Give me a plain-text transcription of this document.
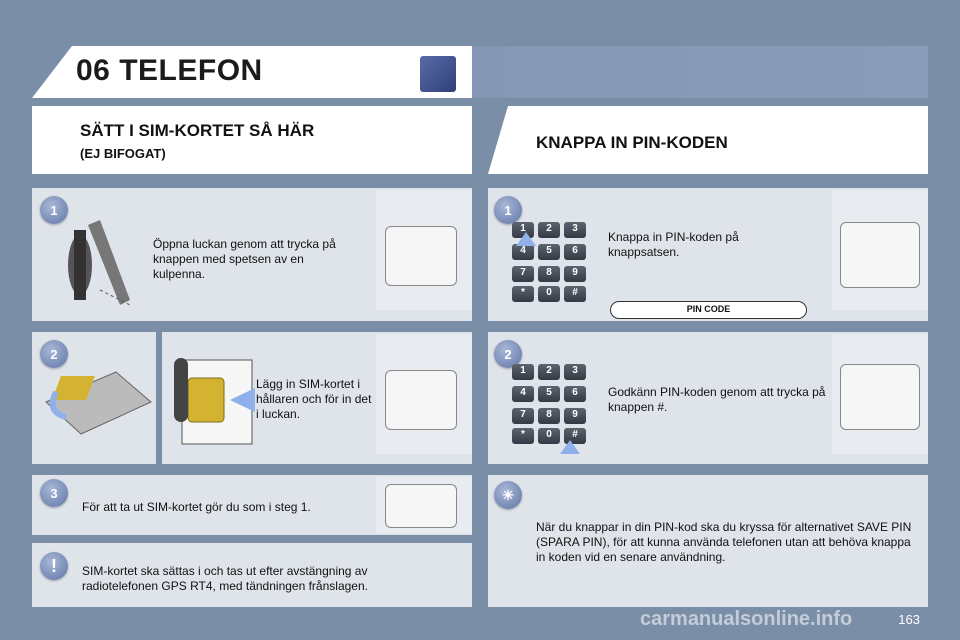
06 TELEFON
SÄTT I SIM-KORTET SÅ HÄR
(EJ BIFOGAT)
KNAPPA IN PIN-KODEN
1
Öppna luckan genom att trycka på knappen med spetsen av en kulpenna.
2
Lägg in SIM-kortet i hållaren och för in det i luckan.
3
För att ta ut SIM-kortet gör du som i steg 1.
!	SIM-kortet ska sättas i och tas ut efter avstängning av radiotelefonen GPS RT4, med tändningen frånslagen.
1
1	2	3
4	5	6
7	8	9
*	0	#
Knappa in PIN-koden på knappsatsen.
PIN CODE
2
1	2	3
4	5	6
7	8	9
*	0	#
Godkänn PIN-koden genom att trycka på knappen #.
☀
När du knappar in din PIN-kod ska du kryssa för alternativet SAVE PIN (SPARA PIN), för att kunna använda telefonen utan att behöva knappa in koden vid en senare användning.
carmanualsonline.info	163
